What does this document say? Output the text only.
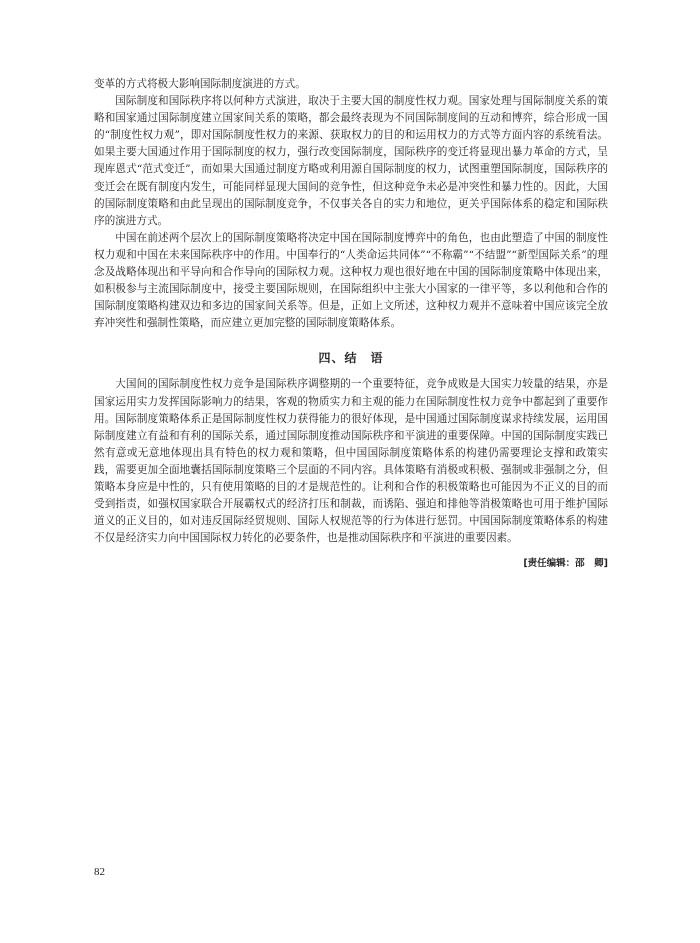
变革的方式将极大影响国际制度演进的方式。

国际制度和国际秩序将以何种方式演进，取决于主要大国的制度性权力观。国家处理与国际制度关系的策略和国家通过国际制度建立国家间关系的策略，都会最终表现为不同国际制度间的互动和博弈，综合形成一国的“制度性权力观”，即对国际制度性权力的来源、获取权力的目的和运用权力的方式等方面内容的系统看法。如果主要大国通过作用于国际制度的权力，强行改变国际制度，国际秩序的变迁将显现出暴力革命的方式，呈现库恩式“范式变迁”，而如果大国通过制度方略或利用源自国际制度的权力，试图重塑国际制度，国际秩序的变迁会在既有制度内发生，可能同样显现大国间的竞争性，但这种竞争未必是冲突性和暴力性的。因此，大国的国际制度策略和由此呈现出的国际制度竞争，不仅事关各自的实力和地位，更关乎国际体系的稳定和国际秩序的演进方式。

中国在前述两个层次上的国际制度策略将决定中国在国际制度博弈中的角色，也由此塑造了中国的制度性权力观和中国在未来国际秩序中的作用。中国奉行的“人类命运共同体”“不称霸”“不结盟”“新型国际关系”的理念及战略体现出和平导向和合作导向的国际权力观。这种权力观也很好地在中国的国际制度策略中体现出来，如积极参与主流国际制度中，接受主要国际规则，在国际组织中主张大小国家的一律平等，多以利他和合作的国际制度策略构建双边和多边的国家间关系等。但是，正如上文所述，这种权力观并不意味着中国应该完全放弃冲突性和强制性策略，而应建立更加完整的国际制度策略体系。

四、结　语

大国间的国际制度性权力竞争是国际秩序调整期的一个重要特征，竞争成败是大国实力较量的结果，亦是国家运用实力发挥国际影响力的结果，客观的物质实力和主观的能力在国际制度性权力竞争中都起到了重要作用。国际制度策略体系正是国际制度性权力获得能力的很好体现，是中国通过国际制度谋求持续发展，运用国际制度建立有益和有利的国际关系，通过国际制度推动国际秩序和平演进的重要保障。中国的国际制度实践已然有意或无意地体现出具有特色的权力观和策略，但中国国际制度策略体系的构建仍需要理论支撑和政策实践，需要更加全面地囊括国际制度策略三个层面的不同内容。具体策略有消极或积极、强制或非强制之分，但策略本身应是中性的，只有使用策略的目的才是规范性的。让利和合作的积极策略也可能因为不正义的目的而受到指责，如强权国家联合开展霸权式的经济打压和制裁，而诱陷、强迫和排他等消极策略也可用于维护国际道义的正义目的，如对违反国际经贸规则、国际人权规范等的行为体进行惩罚。中国国际制度策略体系的构建不仅是经济实力向中国国际权力转化的必要条件，也是推动国际秩序和平演进的重要因素。

[责任编辑：邵　卿]
82
